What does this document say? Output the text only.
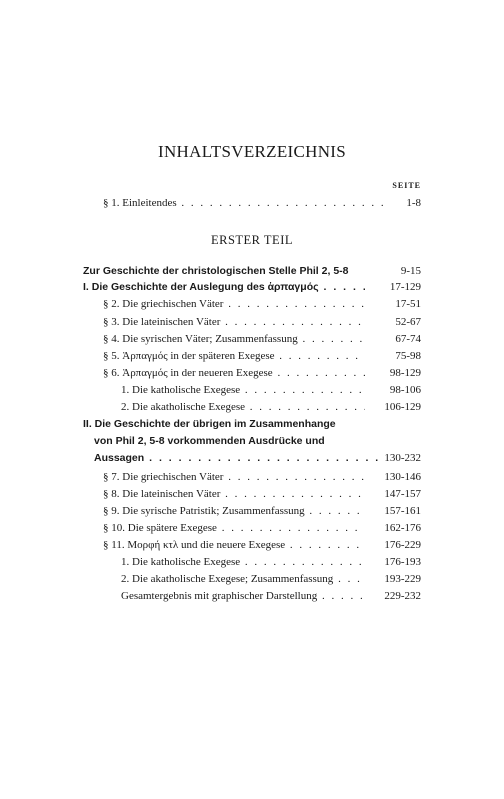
INHALTSVERZEICHNIS
SEITE
§ 1. Einleitendes . . .	1-8
ERSTER TEIL
Zur Geschichte der christologischen Stelle Phil 2, 5-8	9-15
I. Die Geschichte der Auslegung des ἁρπαγμός . . .	17-129
§ 2. Die griechischen Väter . . .	17-51
§ 3. Die lateinischen Väter . . .	52-67
§ 4. Die syrischen Väter; Zusammenfassung . . .	67-74
§ 5. Ἁρπαγμός in der späteren Exegese . . .	75-98
§ 6. Ἁρπαγμός in der neueren Exegese . . .	98-129
1. Die katholische Exegese . . .	98-106
2. Die akatholische Exegese . . .	106-129
II. Die Geschichte der übrigen im Zusammenhange
von Phil 2, 5-8 vorkommenden Ausdrücke und
Aussagen . . .	130-232
§ 7. Die griechischen Väter . . .	130-146
§ 8. Die lateinischen Väter . . .	147-157
§ 9. Die syrische Patristik; Zusammenfassung . . .	157-161
§ 10. Die spätere Exegese . . .	162-176
§ 11. Μορφή κτλ und die neuere Exegese . . .	176-229
1. Die katholische Exegese . . .	176-193
2. Die akatholische Exegese; Zusammenfassung . . .	193-229
Gesamtergebnis mit graphischer Darstellung . . .	229-232
